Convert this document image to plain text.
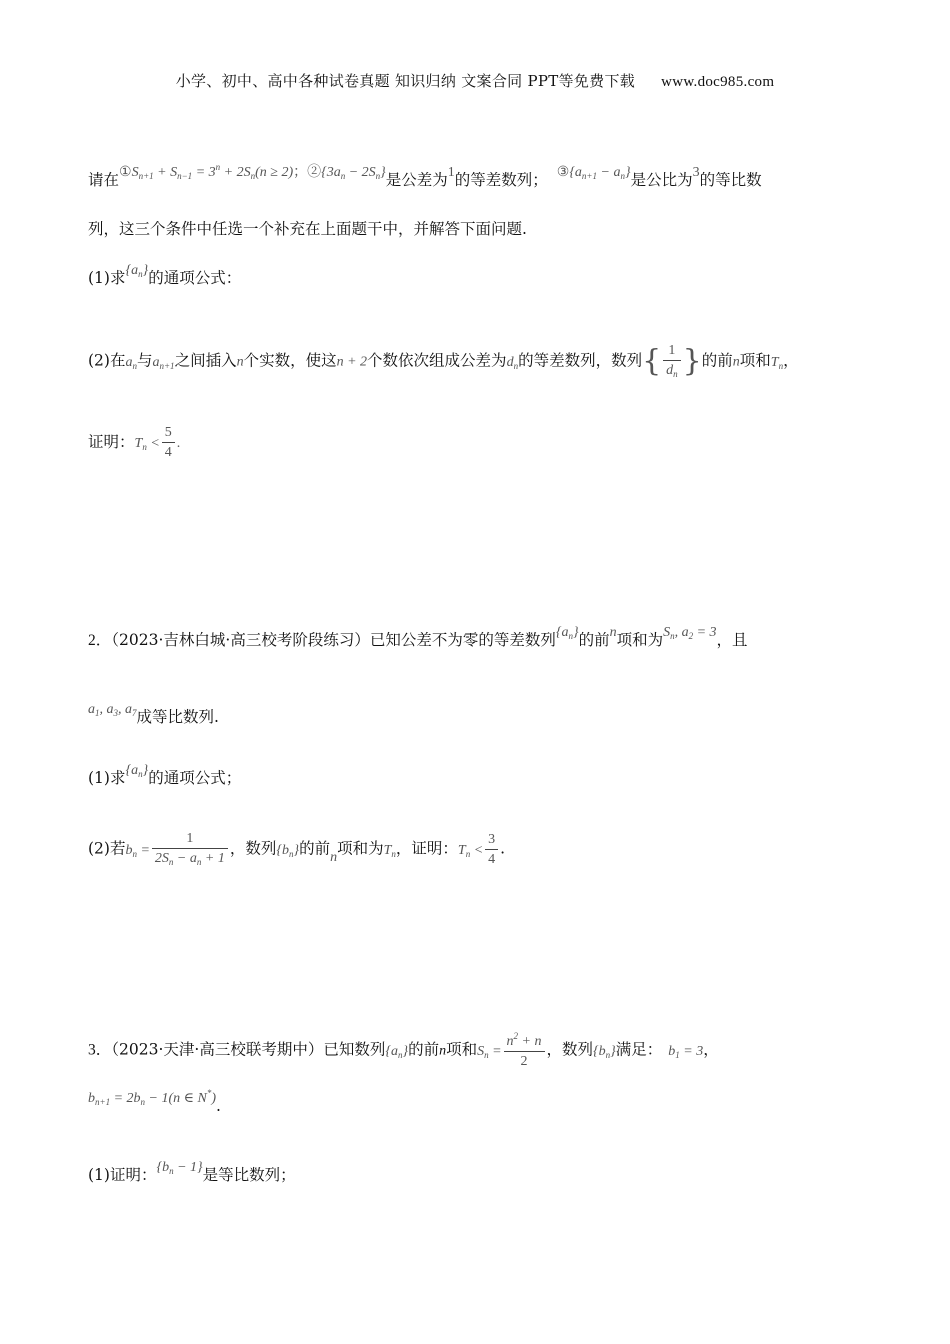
小学、初中、高中各种试卷真题 知识归纳 文案合同 PPT等免费下载 www.doc985.com
请在$①S_{n+1} + S_{n-1} = 3^n + 2S_n(n \ge 2)$；$②\{3a_n - 2S_n\}$是公差为1的等差数列； $③\{a_{n+1} - a_n\}$是公比为3的等比数
列，这三个条件中任选一个补充在上面题干中，并解答下面问题.
(1)求$\{a_n\}$的通项公式：
(2)在$a_n$与$a_{n+1}$之间插入n个实数，使这n + 2个数依次组成公差为$d_n$的等差数列，数列{ $\frac{1}{d_n}$ }的前n项和$T_n$，
证明：$T_n < \frac{5}{4}$ .
2．（2023·吉林白城·高三校考阶段练习）已知公差不为零的等差数列$\{a_n\}$的前n项和为$S_n$, $a_2 = 3$，且
$a_1$, $a_3$, $a_7$成等比数列.
(1)求$\{a_n\}$的通项公式；
(2)若$b_n = \frac{1}{2S_n - a_n + 1}$ ，数列$\{b_n\}$的前n项和为$T_n$，证明：$T_n < \frac{3}{4}$ .
3．（2023·天津·高三校联考期中）已知数列$\{a_n\}$的前n项和$S_n = \frac{n^2 + n}{2}$ ，数列$\{b_n\}$满足： $b_1 = 3$，
$b_{n+1} = 2b_n - 1(n$ ∈ N*).
(1)证明：$\{b_n - 1\}$是等比数列；
